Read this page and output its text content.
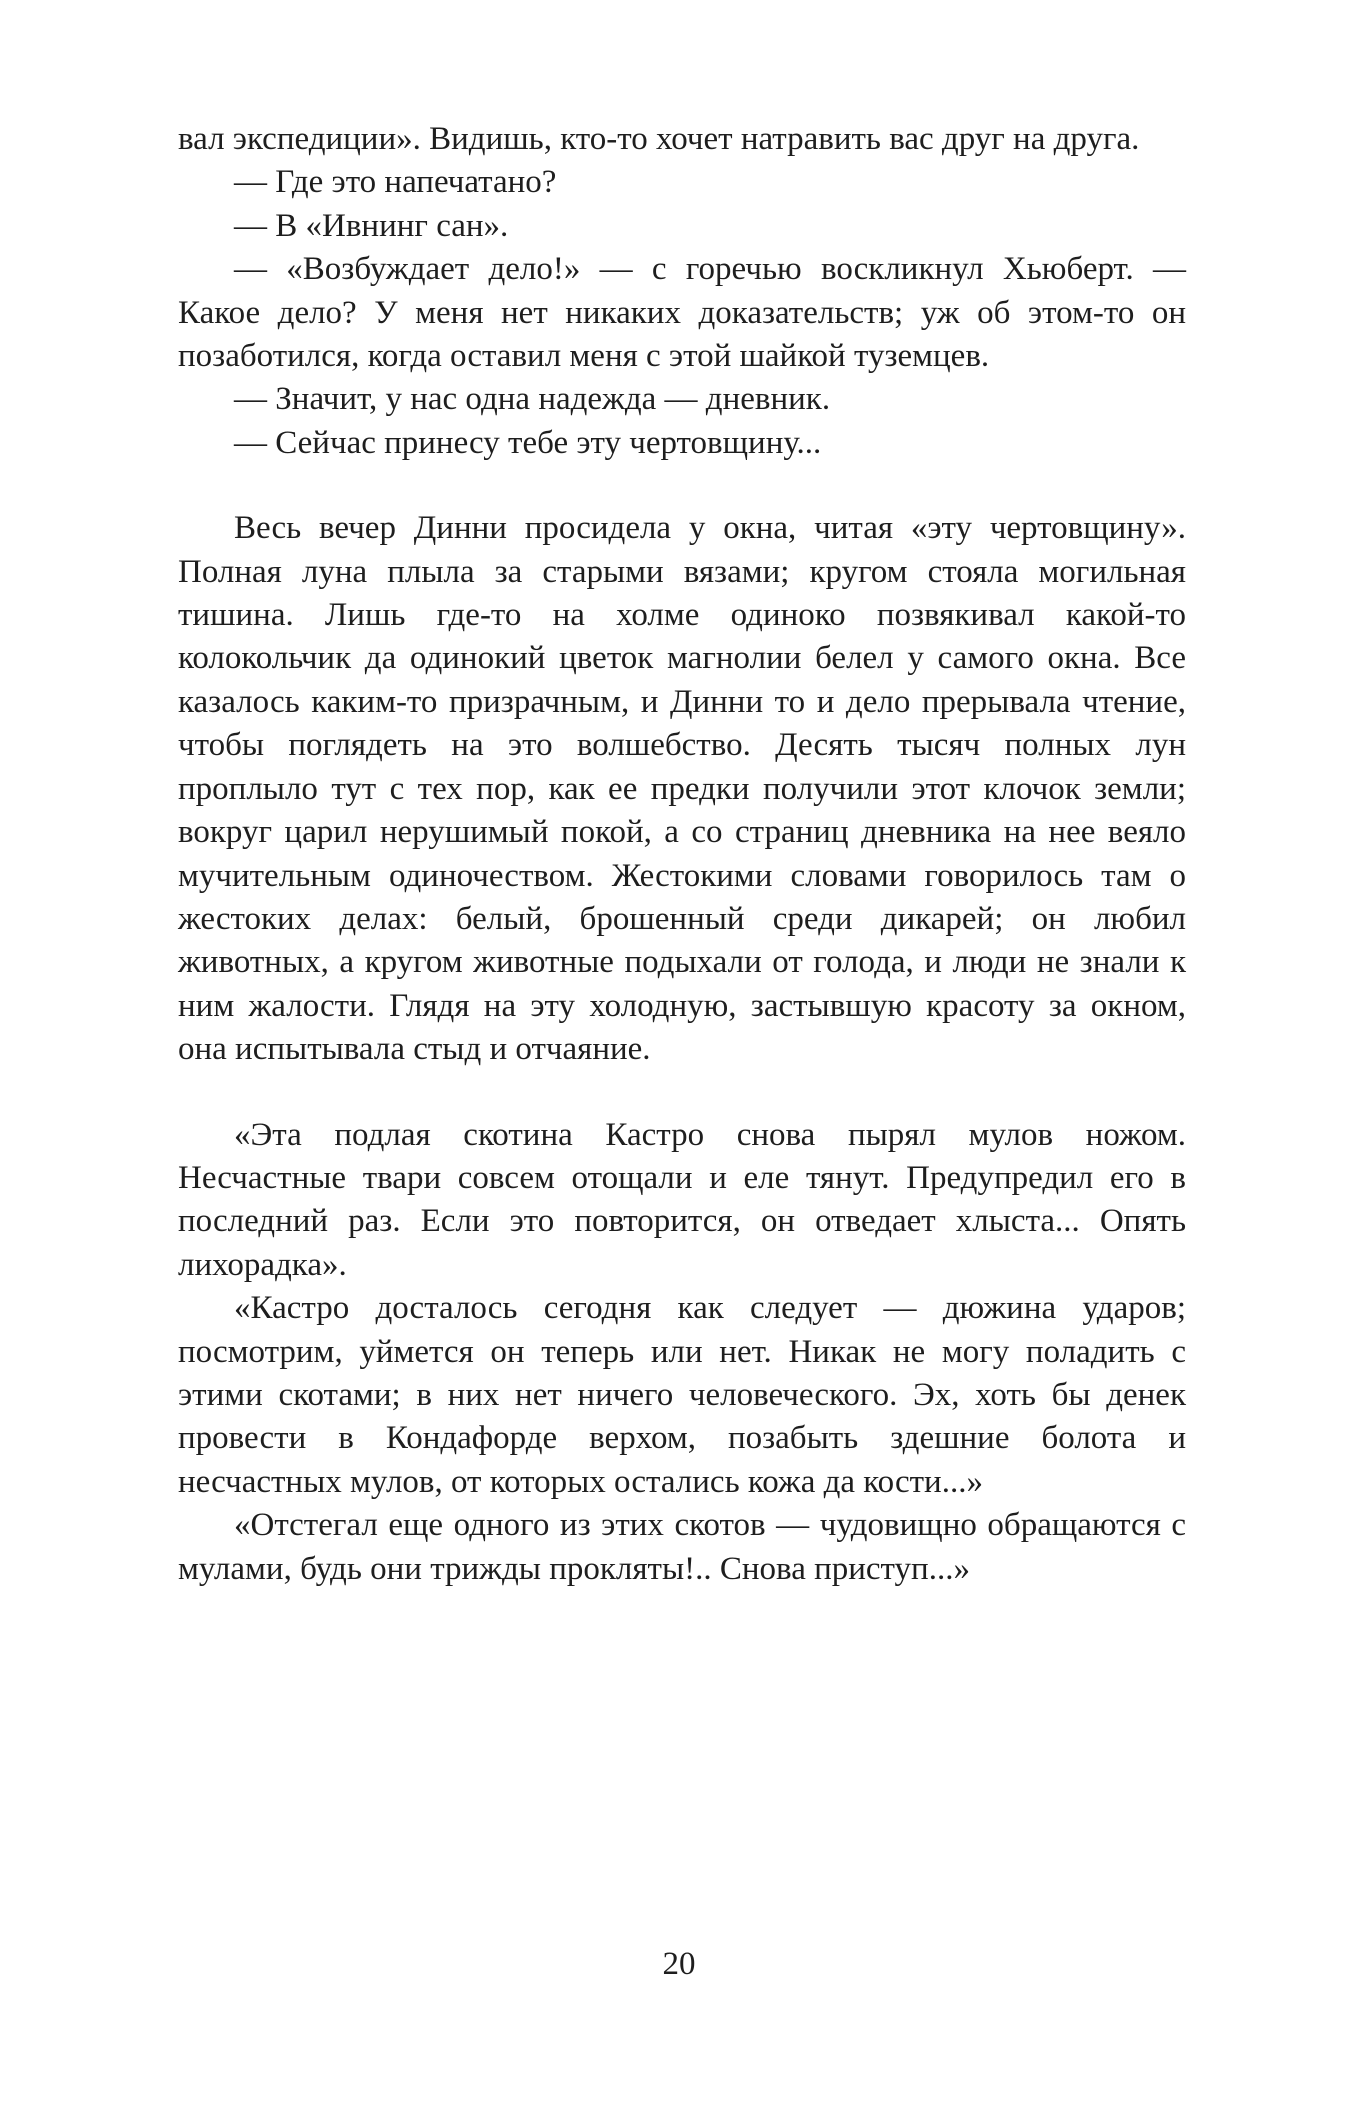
вал экспедиции». Видишь, кто-то хочет натравить вас друг на друга.

— Где это напечатано?

— В «Ивнинг сан».

— «Возбуждает дело!» — с горечью воскликнул Хьюберт. — Какое дело? У меня нет никаких доказательств; уж об этом-то он позаботился, когда оставил меня с этой шайкой туземцев.

— Значит, у нас одна надежда — дневник.

— Сейчас принесу тебе эту чертовщину...

Весь вечер Динни просидела у окна, читая «эту чертовщину». Полная луна плыла за старыми вязами; кругом стояла могильная тишина. Лишь где-то на холме одиноко позвякивал какой-то колокольчик да одинокий цветок магнолии белел у самого окна. Все казалось каким-то призрачным, и Динни то и дело прерывала чтение, чтобы поглядеть на это волшебство. Десять тысяч полных лун проплыло тут с тех пор, как ее предки получили этот клочок земли; вокруг царил нерушимый покой, а со страниц дневника на нее веяло мучительным одиночеством. Жестокими словами говорилось там о жестоких делах: белый, брошенный среди дикарей; он любил животных, а кругом животные подыхали от голода, и люди не знали к ним жалости. Глядя на эту холодную, застывшую красоту за окном, она испытывала стыд и отчаяние.

«Эта подлая скотина Кастро снова пырял мулов ножом. Несчастные твари совсем отощали и еле тянут. Предупредил его в последний раз. Если это повторится, он отведает хлыста... Опять лихорадка».

«Кастро досталось сегодня как следует — дюжина ударов; посмотрим, уймется он теперь или нет. Никак не могу поладить с этими скотами; в них нет ничего человеческого. Эх, хоть бы денек провести в Кондафорде верхом, позабыть здешние болота и несчастных мулов, от которых остались кожа да кости...»

«Отстегал еще одного из этих скотов — чудовищно обращаются с мулами, будь они трижды прокляты!.. Снова приступ...»

20
